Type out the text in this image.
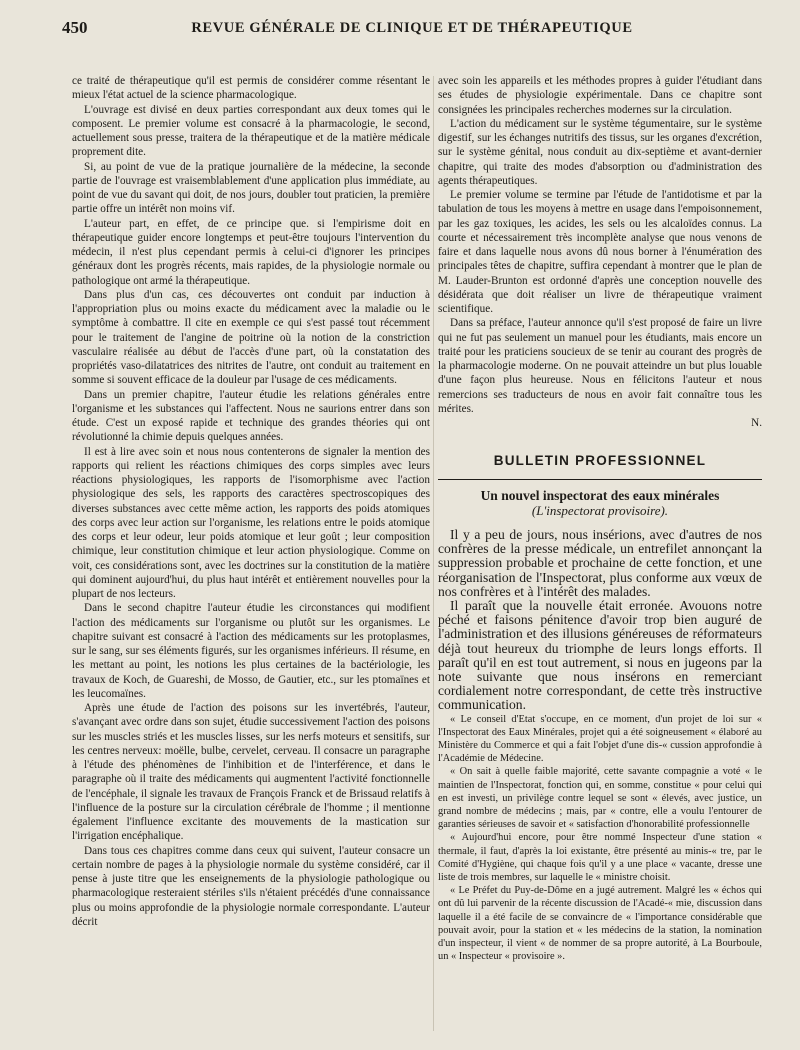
450	REVUE GÉNÉRALE DE CLINIQUE ET DE THÉRAPEUTIQUE

ce traité de thérapeutique qu'il est permis de considérer comme résentant le mieux l'état actuel de la science pharmacologique.

L'ouvrage est divisé en deux parties correspondant aux deux tomes qui le composent. Le premier volume est consacré à la pharmacologie, le second, actuellement sous presse, traitera de la thérapeutique et de la matière médicale proprement dite.

Si, au point de vue de la pratique journalière de la médecine, la seconde partie de l'ouvrage est vraisemblablement d'une application plus immédiate, au point de vue du savant qui doit, de nos jours, doubler tout praticien, la première partie offre un intérêt non moins vif.

L'auteur part, en effet, de ce principe que. si l'empirisme doit en thérapeutique guider encore longtemps et peut-être toujours l'intervention du médecin, il n'est plus cependant permis à celui-ci d'ignorer les principes généraux dont les progrès récents, mais rapides, de la physiologie normale ou pathologique ont armé la thérapeutique.

Dans plus d'un cas, ces découvertes ont conduit par induction à l'appropriation plus ou moins exacte du médicament avec la maladie ou le symptôme à combattre. Il cite en exemple ce qui s'est passé tout récemment pour le traitement de l'angine de poitrine où la notion de la constriction vasculaire réalisée au début de l'accès d'une part, où la constatation des propriétés vaso-dilatatrices des nitrites de l'autre, ont conduit au traitement en somme si souvent efficace de la douleur par l'usage de ces médicaments.

Dans un premier chapitre, l'auteur étudie les relations générales entre l'organisme et les substances qui l'affectent. Nous ne saurions entrer dans son étude. C'est un exposé rapide et technique des grandes théories qui ont révolutionné la chimie depuis quelques années.

Il est à lire avec soin et nous nous contenterons de signaler la mention des rapports qui relient les réactions chimiques des corps simples avec leurs réactions physiologiques, les rapports de l'isomorphisme avec l'action physiologique des sels, les rapports des caractères spectroscopiques des diverses substances avec cette même action, les rapports des poids atomiques des corps avec leur action sur l'organisme, les relations entre le poids atomique des corps et leur odeur, leur poids atomique et leur goût ; leur composition chimique, leur constitution chimique et leur action physiologique. Comme on voit, ces considérations sont, avec les doctrines sur la constitution de la matière qui dominent aujourd'hui, du plus haut intérêt et entièrement nouvelles pour la plupart de nos lecteurs.

Dans le second chapitre l'auteur étudie les circonstances qui modifient l'action des médicaments sur l'organisme ou plutôt sur les organismes. Le chapitre suivant est consacré à l'action des médicaments sur les protoplasmes, sur le sang, sur ses éléments figurés, sur les organismes inférieurs. Il résume, en les mettant au point, les notions les plus certaines de la bactériologie, les travaux de Koch, de Guareshi, de Mosso, de Gautier, etc., sur les ptomaïnes et les leucomaïnes.

Après une étude de l'action des poisons sur les invertébrés, l'auteur, s'avançant avec ordre dans son sujet, étudie successivement l'action des poisons sur les muscles striés et les muscles lisses, sur les nerfs moteurs et sensitifs, sur les centres nerveux: moëlle, bulbe, cervelet, cerveau. Il consacre un paragraphe à l'étude des phénomènes de l'inhibition et de l'interférence, et dans le paragraphe où il traite des médicaments qui augmentent l'activité fonctionnelle de l'encéphale, il signale les travaux de François Franck et de Brissaud relatifs à l'influence de la posture sur la circulation cérébrale de l'homme ; il mentionne également l'influence excitante des mouvements de la mastication sur l'irrigation encéphalique.

Dans tous ces chapitres comme dans ceux qui suivent, l'auteur consacre un certain nombre de pages à la physiologie normale du système considéré, car il pense à juste titre que les enseignements de la physiologie pathologique ou pharmacologique resteraient stériles s'ils n'étaient précédés d'une connaissance plus ou moins approfondie de la physiologie normale correspondante. L'auteur décrit

avec soin les appareils et les méthodes propres à guider l'étudiant dans ses études de physiologie expérimentale. Dans ce chapitre sont consignées les principales recherches modernes sur la circulation.

L'action du médicament sur le système tégumentaire, sur le système digestif, sur les échanges nutritifs des tissus, sur les organes d'excrétion, sur le système génital, nous conduit au dix-septième et avant-dernier chapitre, qui traite des modes d'absorption ou d'administration des agents thérapeutiques.

Le premier volume se termine par l'étude de l'antidotisme et par la tabulation de tous les moyens à mettre en usage dans l'empoisonnement, par les gaz toxiques, les acides, les sels ou les alcaloïdes connus. La courte et nécessairement très incomplète analyse que nous venons de faire et dans laquelle nous avons dû nous borner à l'énumération des principales têtes de chapitre, suffira cependant à montrer que le plan de M. Lauder-Brunton est ordonné d'après une conception nouvelle des désidérata que doit réaliser un livre de thérapeutique vraiment scientifique.

Dans sa préface, l'auteur annonce qu'il s'est proposé de faire un livre qui ne fut pas seulement un manuel pour les étudiants, mais encore un traité pour les praticiens soucieux de se tenir au courant des progrès de la pharmacologie moderne. On ne pouvait atteindre un but plus louable d'une façon plus heureuse. Nous en félicitons l'auteur et nous remercions ses traducteurs de nous en avoir fait connaître tous les mérites.

N.

BULLETIN PROFESSIONNEL
Un nouvel inspectorat des eaux minérales
(L'inspectorat provisoire).

Il y a peu de jours, nous insérions, avec d'autres de nos confrères de la presse médicale, un entrefilet annonçant la suppression probable et prochaine de cette fonction, et une réorganisation de l'Inspectorat, plus conforme aux vœux de nos confrères et à l'intérêt des malades.

Il paraît que la nouvelle était erronée. Avouons notre péché et faisons pénitence d'avoir trop bien auguré de l'administration et des illusions généreuses de réformateurs déjà tout heureux du triomphe de leurs longs efforts. Il paraît qu'il en est tout autrement, si nous en jugeons par la note suivante que nous insérons en remerciant cordialement notre correspondant, de cette très instructive communication.

« Le conseil d'Etat s'occupe, en ce moment, d'un projet de loi sur « l'Inspectorat des Eaux Minérales, projet qui a été soigneusement « élaboré au Ministère du Commerce et qui a fait l'objet d'une dis-« cussion approfondie à l'Académie de Médecine.

« On sait à quelle faible majorité, cette savante compagnie a voté « le maintien de l'Inspectorat, fonction qui, en somme, constitue « pour celui qui en est investi, un privilège contre lequel se sont « élevés, avec justice, un grand nombre de médecins ; mais, par « contre, elle a voulu l'entourer de garanties sérieuses de savoir et « satisfaction d'honorabilité professionnelle

« Aujourd'hui encore, pour être nommé Inspecteur d'une station « thermale, il faut, d'après la loi existante, être présenté au minis-« tre, par le Comité d'Hygiène, qui chaque fois qu'il y a une place « vacante, dresse une liste de trois membres, sur laquelle le « ministre choisit.

« Le Préfet du Puy-de-Dôme en a jugé autrement. Malgré les « échos qui ont dû lui parvenir de la récente discussion de l'Acadé-« mie, discussion dans laquelle il a été facile de se convaincre de « l'importance considérable que pouvait avoir, pour la station et « les médecins de la station, la nomination d'un inspecteur, il vient « de nommer de sa propre autorité, à La Bourboule, un « Inspecteur « provisoire ».
